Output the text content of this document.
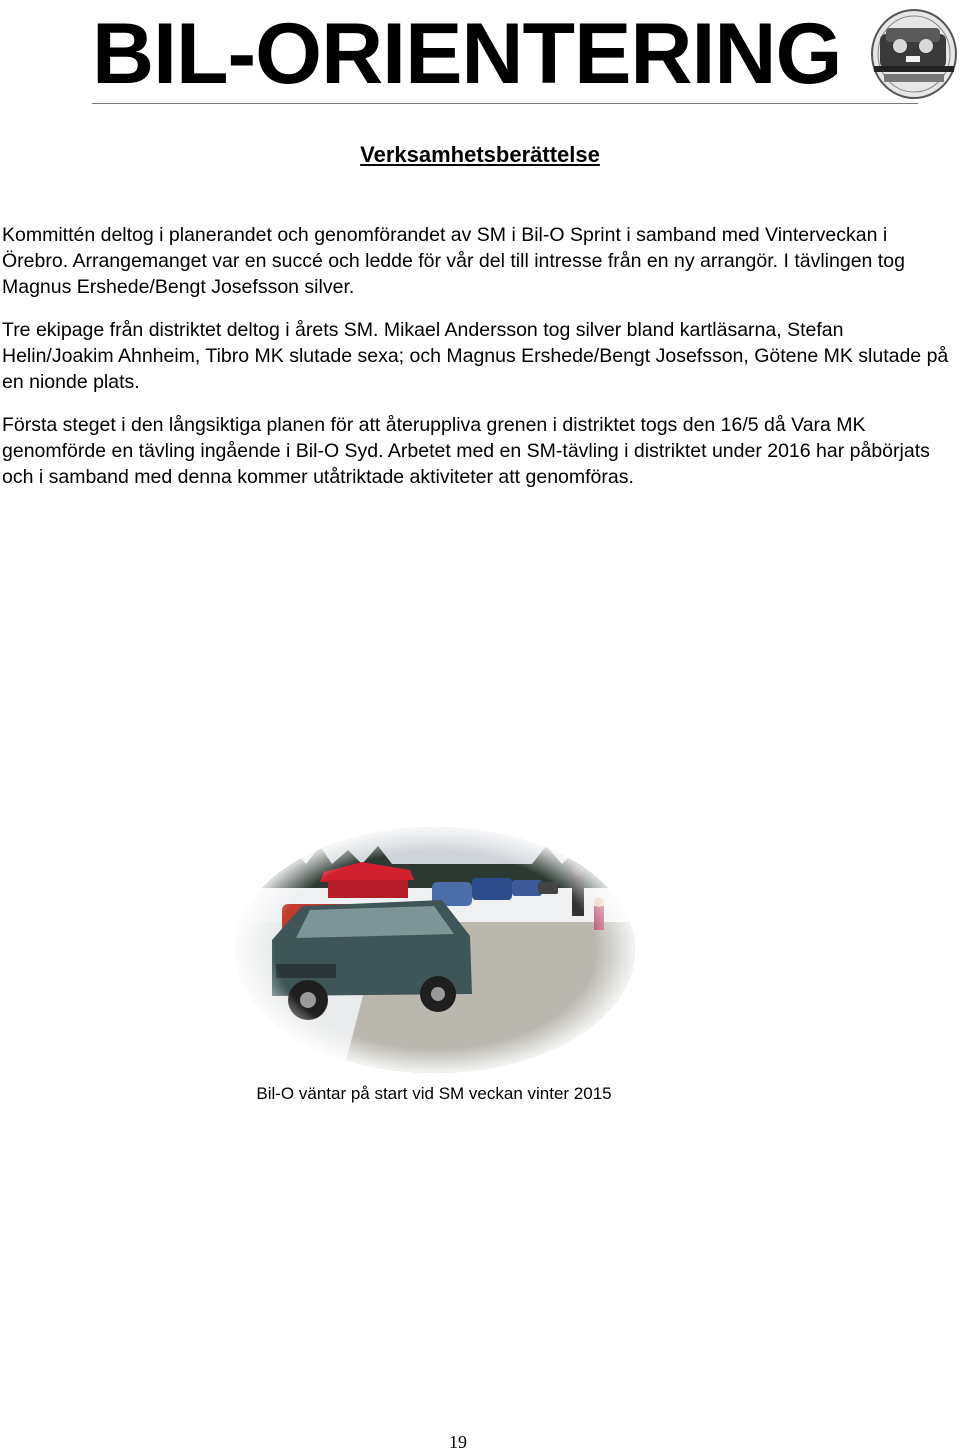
BIL-ORIENTERING
Verksamhetsberättelse

Kommittén deltog i planerandet och genomförandet av SM i Bil-O Sprint i samband med Vinterveckan i Örebro. Arrangemanget var en succé och ledde för vår del till intresse från en ny arrangör. I tävlingen tog Magnus Ershede/Bengt Josefsson silver.

Tre ekipage från distriktet deltog i årets SM. Mikael Andersson tog silver bland kartläsarna, Stefan Helin/Joakim Ahnheim, Tibro MK slutade sexa; och Magnus Ershede/Bengt Josefsson, Götene MK slutade på en nionde plats.

Första steget i den långsiktiga planen för att återuppliva grenen i distriktet togs den 16/5 då Vara MK genomförde en tävling ingående i Bil-O Syd. Arbetet med en SM-tävling i distriktet under 2016 har påbörjats och i samband med denna kommer utåtriktade aktiviteter att genomföras.

Bil-O väntar på start vid SM veckan vinter 2015
19
